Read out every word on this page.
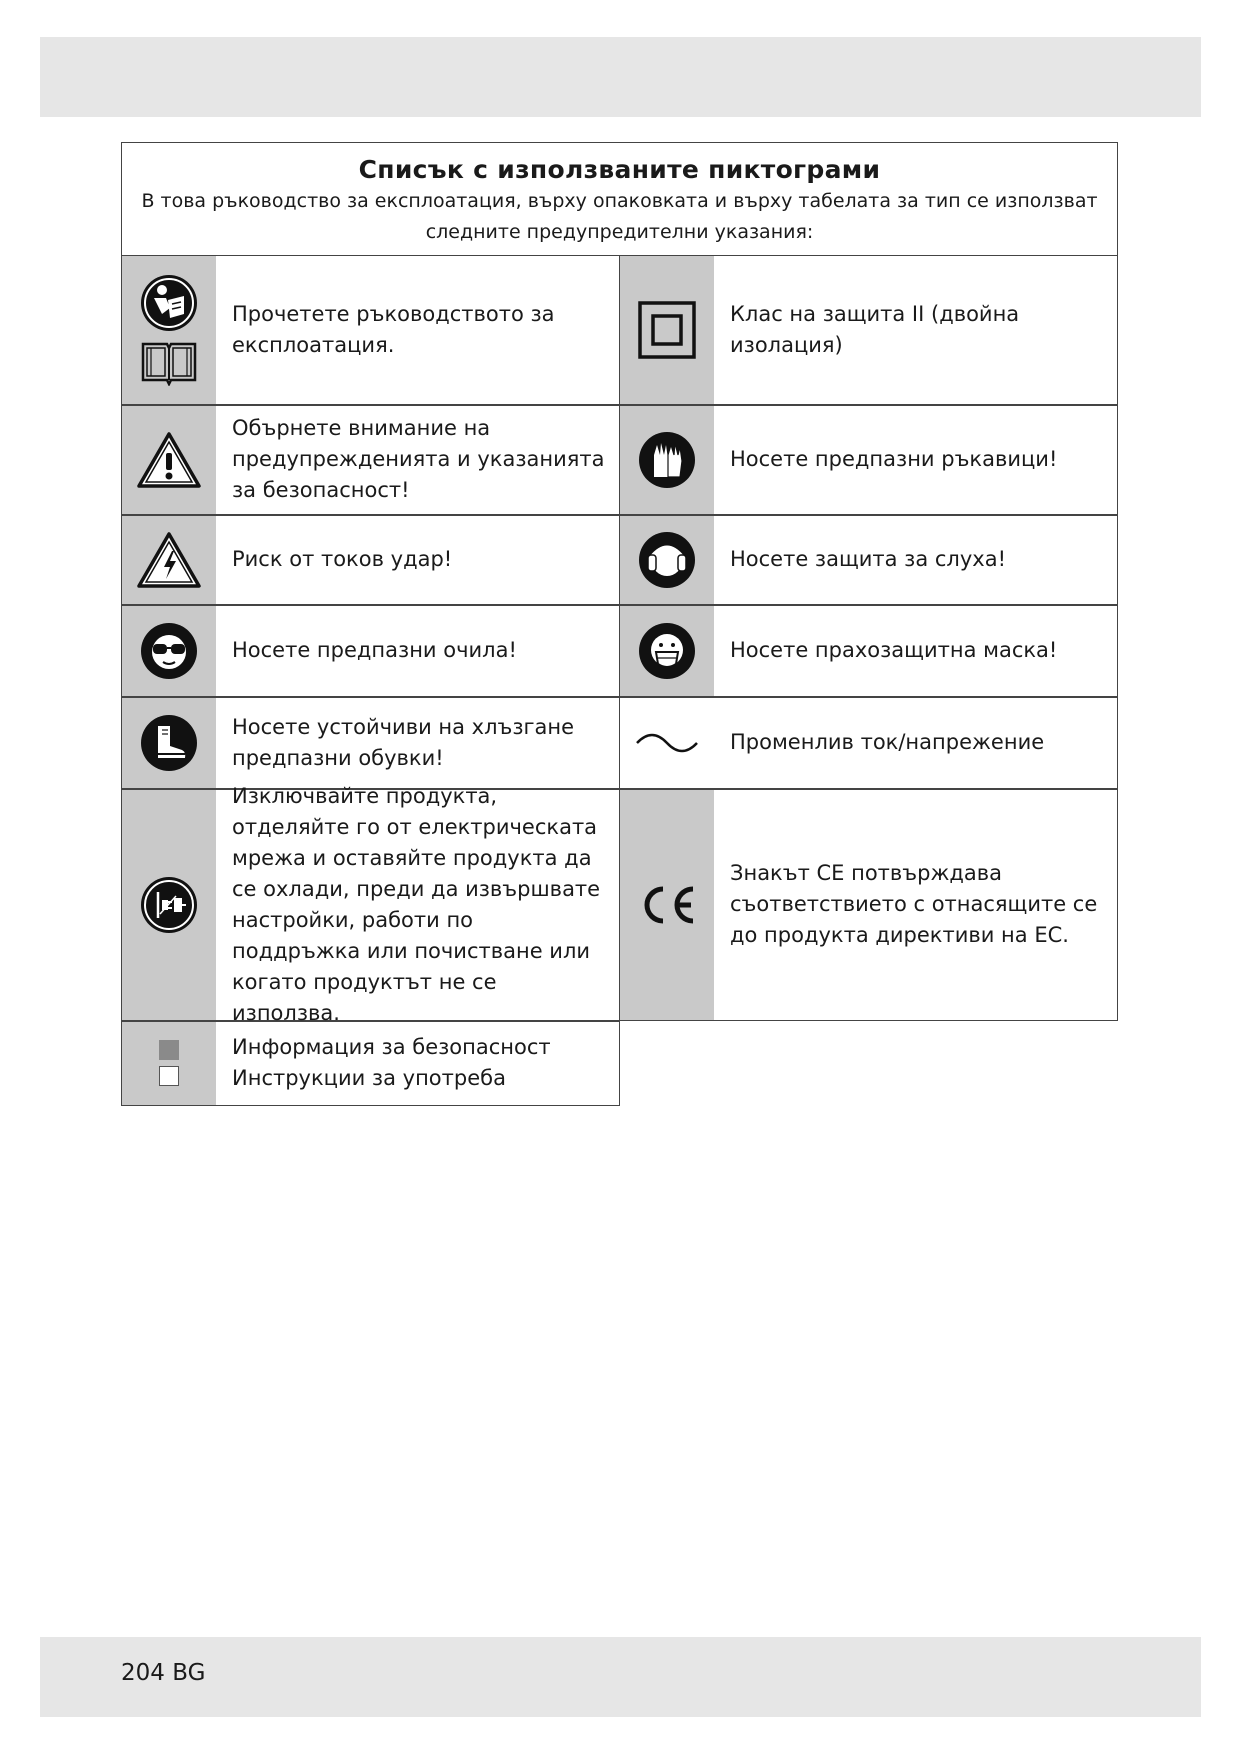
Списък с използваните пиктограми
В това ръководство за експлоатация, върху опаковката и върху табелата за тип се използват следните предупредителни указания:
Прочетете ръководството за експлоатация.
Клас на защита II (двойна изолация)
Обърнете внимание на предупрежденията и указанията за безопасност!
Носете предпазни ръкавици!
Риск от токов удар!	Носете защита за слуха!
Носете предпазни очила!	Носете прахозащитна маска!
Носете устойчиви на хлъзгане предпазни обувки!
Променлив ток/напрежение
Изключвайте продукта, отделяйте го от електрическата мрежа и оставяйте продукта да се охлади, преди да извършвате настройки, работи по поддръжка или почистване или когато продуктът не се използва.
Знакът CE потвърждава съответствието с отнасящите се до продукта директиви на ЕС.
Информация за безопасност
Инструкции за употреба
204 BG
